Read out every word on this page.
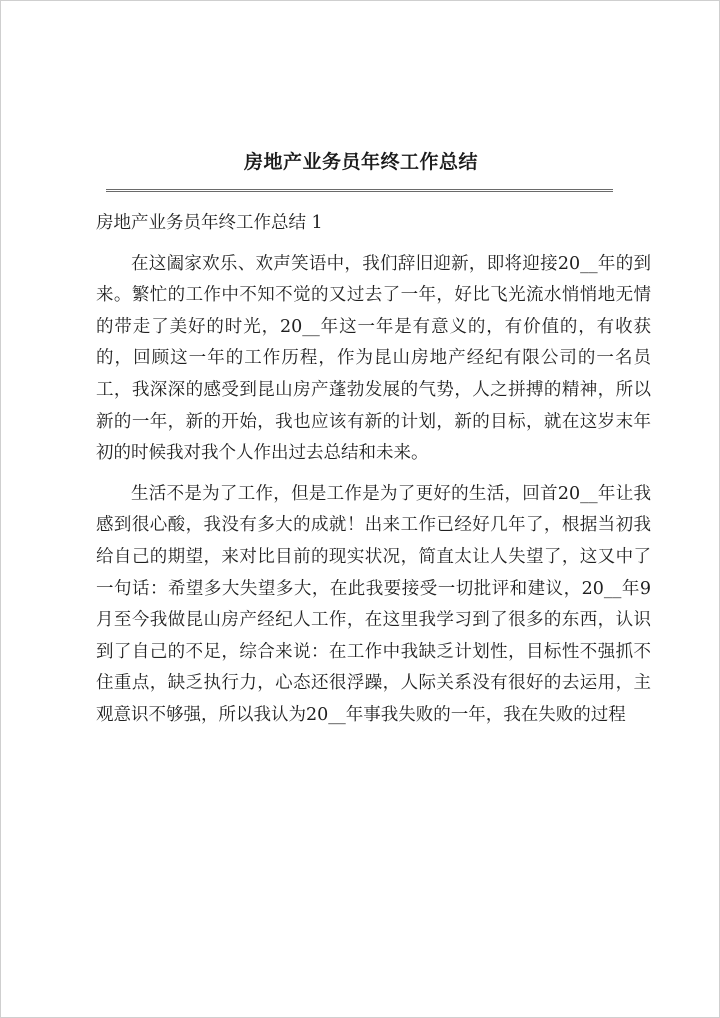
房地产业务员年终工作总结

房地产业务员年终工作总结 1

在这阖家欢乐、欢声笑语中，我们辞旧迎新，即将迎接20__年的到来。繁忙的工作中不知不觉的又过去了一年，好比飞光流水悄悄地无情的带走了美好的时光，20__年这一年是有意义的，有价值的，有收获的，回顾这一年的工作历程，作为昆山房地产经纪有限公司的一名员工，我深深的感受到昆山房产蓬勃发展的气势，人之拼搏的精神，所以新的一年，新的开始，我也应该有新的计划，新的目标，就在这岁末年初的时候我对我个人作出过去总结和未来。

生活不是为了工作，但是工作是为了更好的生活，回首20__年让我感到很心酸，我没有多大的成就！出来工作已经好几年了，根据当初我给自己的期望，来对比目前的现实状况，简直太让人失望了，这又中了一句话：希望多大失望多大，在此我要接受一切批评和建议，20__年9月至今我做昆山房产经纪人工作，在这里我学习到了很多的东西，认识到了自己的不足，综合来说：在工作中我缺乏计划性，目标性不强抓不住重点，缺乏执行力，心态还很浮躁，人际关系没有很好的去运用，主观意识不够强，所以我认为20__年事我失败的一年，我在失败的过程
